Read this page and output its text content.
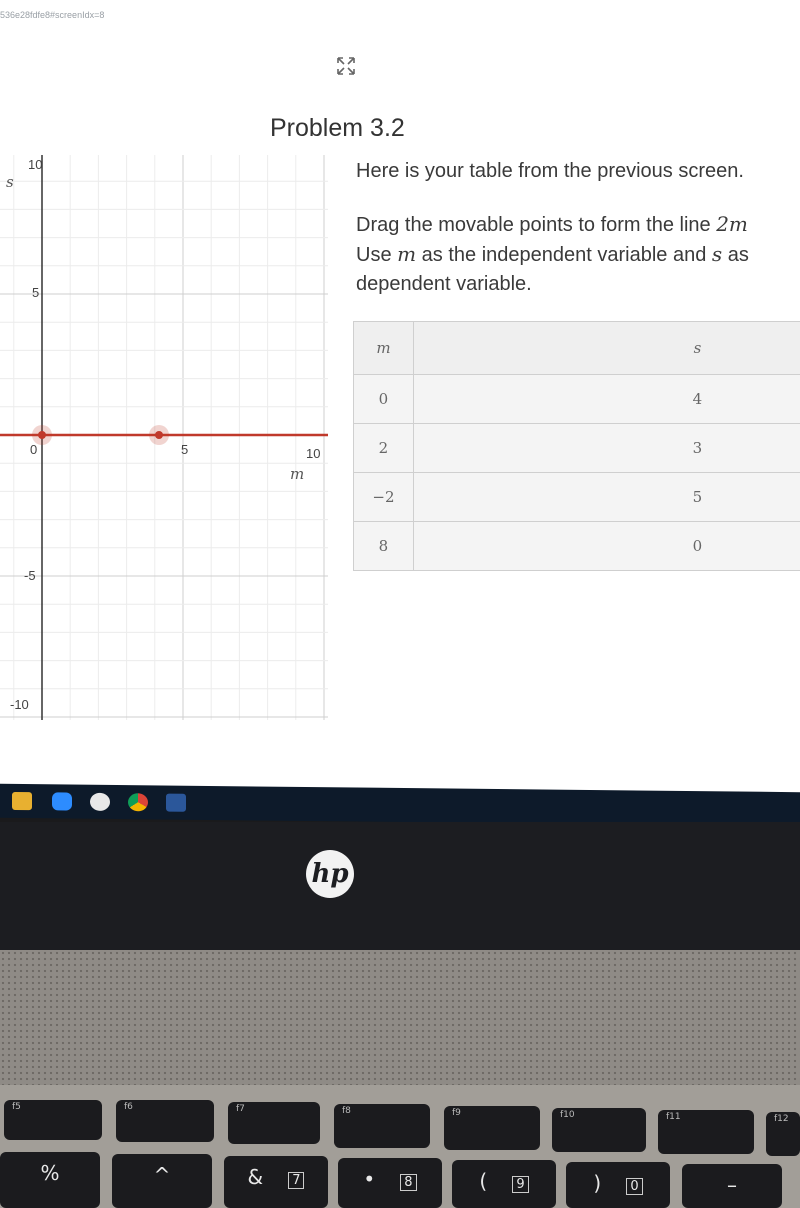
536e28fdfe8#screenIdx=8
Problem 3.2
s
m
0	5	10
10
5
-5
-10

Here is your table from the previous screen.

Drag the movable points to form the line 2m

Use m as the independent variable and s as

dependent variable.

m	s
0	4
2	3
−2	5
8	0
hp
f5	f6	f7	f8	f9	f10	f11	f12
%	^	& 7	• 8	( 9	) 0	–
